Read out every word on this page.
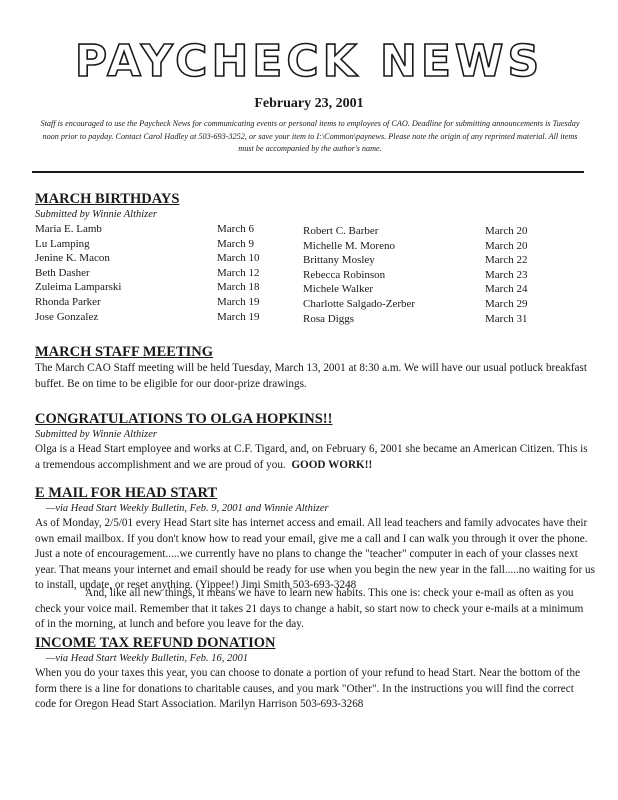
PAYCHECK NEWS
February 23, 2001
Staff is encouraged to use the Paycheck News for communicating events or personal items to employees of CAO. Deadline for submitting announcements is Tuesday noon prior to payday. Contact Carol Hadley at 503-693-3252, or save your item to I:\Common\paynews. Please note the origin of any reprinted material. All items must be accompanied by the author's name.
MARCH BIRTHDAYS
Submitted by Winnie Althizer
Maria E. Lamb
Lu Lamping
Jenine K. Macon
Beth Dasher
Zuleima Lamparski
Rhonda Parker
Jose Gonzalez
March 6
March 9
March 10
March 12
March 18
March 19
March 19
Robert C. Barber
Michelle M. Moreno
Brittany Mosley
Rebecca Robinson
Michele Walker
Charlotte Salgado-Zerber
Rosa Diggs
March 20
March 20
March 22
March 23
March 24
March 29
March 31
MARCH STAFF MEETING
The March CAO Staff meeting will be held Tuesday, March 13, 2001 at 8:30 a.m. We will have our usual potluck breakfast buffet. Be on time to be eligible for our door-prize drawings.
CONGRATULATIONS TO OLGA HOPKINS!!
Submitted by Winnie Althizer
Olga is a Head Start employee and works at C.F. Tigard, and, on February 6, 2001 she became an American Citizen. This is a tremendous accomplishment and we are proud of you. GOOD WORK!!
E MAIL FOR HEAD START
—via Head Start Weekly Bulletin, Feb. 9, 2001 and Winnie Althizer
As of Monday, 2/5/01 every Head Start site has internet access and email. All lead teachers and family advocates have their own email mailbox. If you don't know how to read your email, give me a call and I can walk you through it over the phone. Just a note of encouragement.....we currently have no plans to change the "teacher" computer in each of your classes next year. That means your internet and email should be ready for use when you begin the new year in the fall.....no waiting for us to install, update, or reset anything. (Yippee!) Jimi Smith 503-693-3248
And, like all new things, it means we have to learn new habits. This one is: check your e-mail as often as you check your voice mail. Remember that it takes 21 days to change a habit, so start now to check your e-mails at a minimum of in the morning, at lunch and before you leave for the day.
INCOME TAX REFUND DONATION
—via Head Start Weekly Bulletin, Feb. 16, 2001
When you do your taxes this year, you can choose to donate a portion of your refund to head Start. Near the bottom of the form there is a line for donations to charitable causes, and you mark "Other". In the instructions you will find the correct code for Oregon Head Start Association. Marilyn Harrison 503-693-3268
